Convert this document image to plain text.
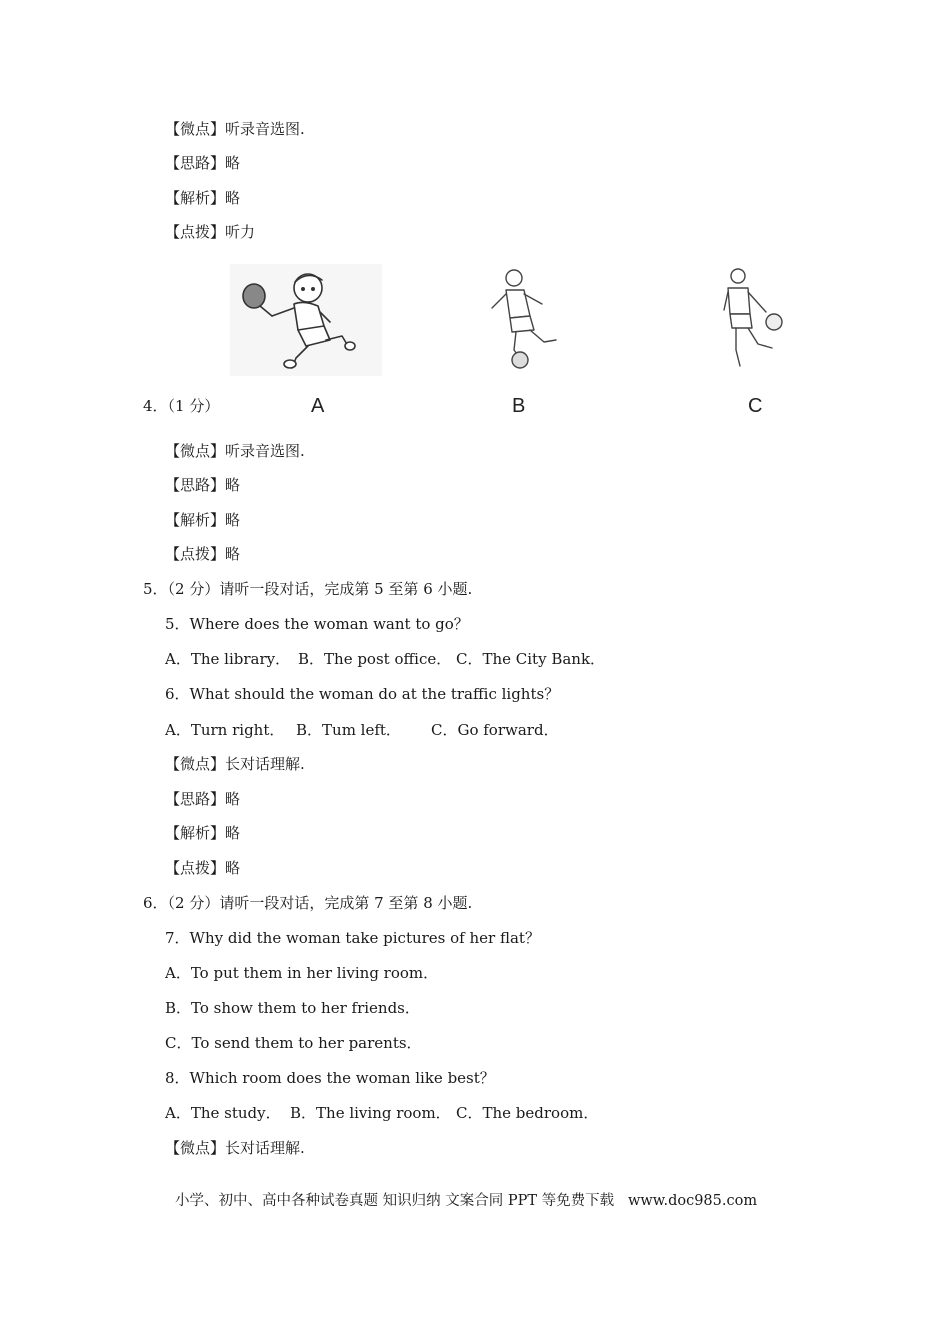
【微点】听录音选图.
【思路】略
【解析】略
【点拨】听力
4．（1 分）	A	B	C
【微点】听录音选图.
【思路】略
【解析】略
【点拨】略
5．（2 分）请听一段对话，完成第 5 至第 6 小题.
5．Where does the woman want to go？
A．The library． B．The post office． C．The City Bank．
6．What should the woman do at the traffic lights？
A．Turn right． B．Tum left． C．Go forward．
【微点】长对话理解.
【思路】略
【解析】略
【点拨】略
6．（2 分）请听一段对话，完成第 7 至第 8 小题.
7．Why did the woman take pictures of her flat？
A．To put them in her living room．
B．To show them to her friends．
C．To send them to her parents．
8．Which room does the woman like best？
A．The study． B．The living room． C．The bedroom．
【微点】长对话理解.
小学、初中、高中各种试卷真题 知识归纳 文案合同 PPT 等免费下载   www.doc985.com
